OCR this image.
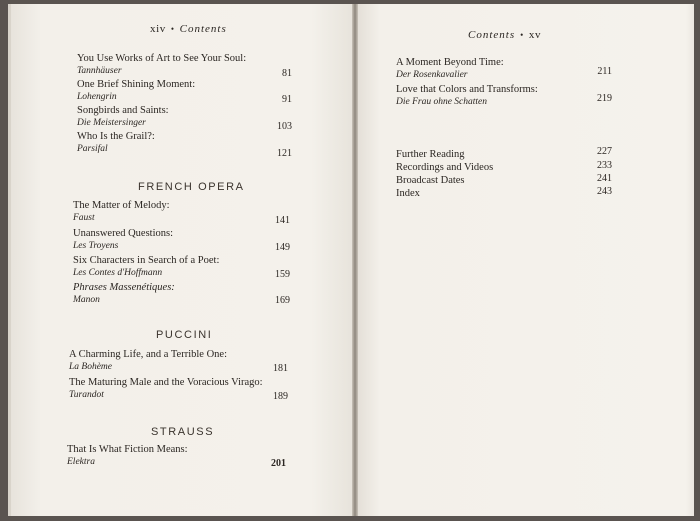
xiv • Contents
You Use Works of Art to See Your Soul:
Tannhäuser	81
One Brief Shining Moment:
Lohengrin	91
Songbirds and Saints:
Die Meistersinger	103
Who Is the Grail?:
Parsifal	121
FRENCH OPERA
The Matter of Melody:
Faust	141
Unanswered Questions:
Les Troyens	149
Six Characters in Search of a Poet:
Les Contes d'Hoffmann	159
Phrases Massenétiques:
Manon	169
PUCCINI
A Charming Life, and a Terrible One:
La Bohème	181
The Maturing Male and the Voracious Virago:
Turandot	189
STRAUSS
That Is What Fiction Means:
Elektra	201
Contents • xv
A Moment Beyond Time:
Der Rosenkavalier	211
Love that Colors and Transforms:
Die Frau ohne Schatten	219
Further Reading	227
Recordings and Videos	233
Broadcast Dates	241
Index	243
